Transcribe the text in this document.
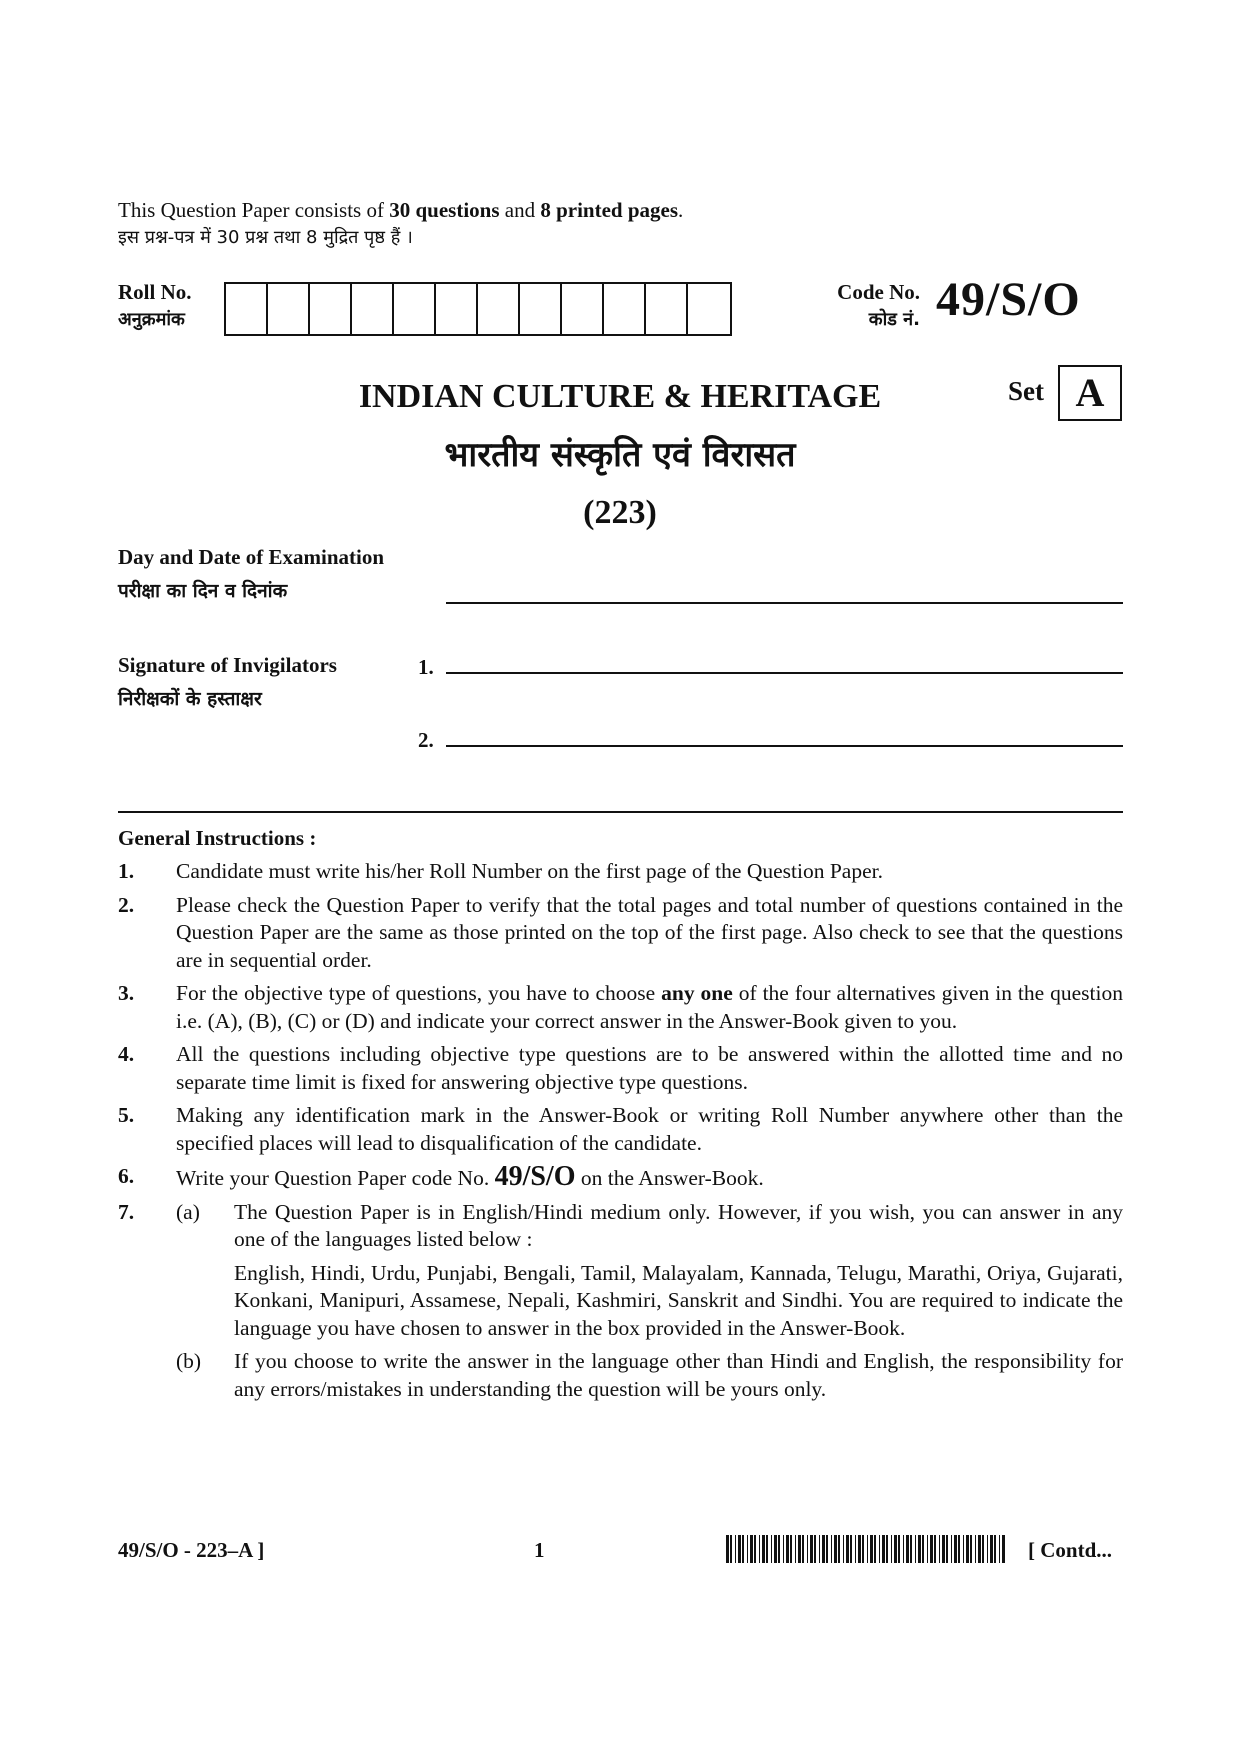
This Question Paper consists of 30 questions and 8 printed pages.
इस प्रश्न-पत्र में 30 प्रश्न तथा 8 मुद्रित पृष्ठ हैं ।
Roll No.
अनुक्रमांक
Code No.
कोड नं. 49/S/O
INDIAN CULTURE & HERITAGE
भारतीय संस्कृति एवं विरासत
(223)
Set A
Day and Date of Examination
परीक्षा का दिन व दिनांक
Signature of Invigilators
निरीक्षकों के हस्ताक्षर
1.
2.
General Instructions :
1.	Candidate must write his/her Roll Number on the first page of the Question Paper.
2.	Please check the Question Paper to verify that the total pages and total number of questions contained in the Question Paper are the same as those printed on the top of the first page. Also check to see that the questions are in sequential order.
3.	For the objective type of questions, you have to choose any one of the four alternatives given in the question i.e. (A), (B), (C) or (D) and indicate your correct answer in the Answer-Book given to you.
4.	All the questions including objective type questions are to be answered within the allotted time and no separate time limit is fixed for answering objective type questions.
5.	Making any identification mark in the Answer-Book or writing Roll Number anywhere other than the specified places will lead to disqualification of the candidate.
6.	Write your Question Paper code No. 49/S/O on the Answer-Book.
7.	(a)	The Question Paper is in English/Hindi medium only. However, if you wish, you can answer in any one of the languages listed below :
English, Hindi, Urdu, Punjabi, Bengali, Tamil, Malayalam, Kannada, Telugu, Marathi, Oriya, Gujarati, Konkani, Manipuri, Assamese, Nepali, Kashmiri, Sanskrit and Sindhi. You are required to indicate the language you have chosen to answer in the box provided in the Answer-Book.
(b)	If you choose to write the answer in the language other than Hindi and English, the responsibility for any errors/mistakes in understanding the question will be yours only.
49/S/O - 223–A ]	1	[ Contd...
